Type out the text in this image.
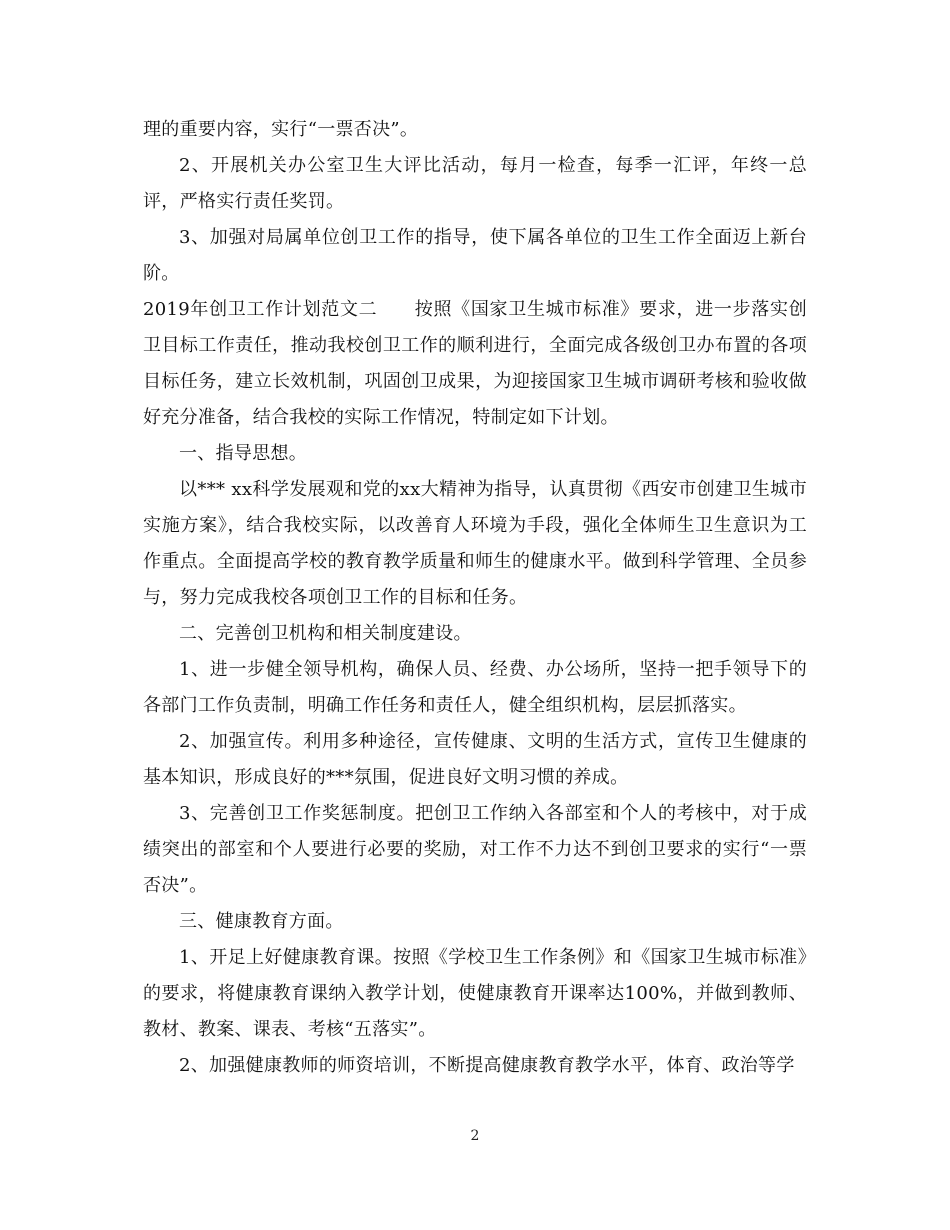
理的重要内容，实行“一票否决”。

2、开展机关办公室卫生大评比活动，每月一检查，每季一汇评，年终一总评，严格实行责任奖罚。

3、加强对局属单位创卫工作的指导，使下属各单位的卫生工作全面迈上新台阶。

2019年创卫工作计划范文二　　按照《国家卫生城市标准》要求，进一步落实创卫目标工作责任，推动我校创卫工作的顺利进行，全面完成各级创卫办布置的各项目标任务，建立长效机制，巩固创卫成果，为迎接国家卫生城市调研考核和验收做好充分准备，结合我校的实际工作情况，特制定如下计划。

一、指导思想。

以*** xx科学发展观和党的xx大精神为指导，认真贯彻《西安市创建卫生城市实施方案》，结合我校实际，以改善育人环境为手段，强化全体师生卫生意识为工作重点。全面提高学校的教育教学质量和师生的健康水平。做到科学管理、全员参与，努力完成我校各项创卫工作的目标和任务。

二、完善创卫机构和相关制度建设。

1、进一步健全领导机构，确保人员、经费、办公场所，坚持一把手领导下的各部门工作负责制，明确工作任务和责任人，健全组织机构，层层抓落实。

2、加强宣传。利用多种途径，宣传健康、文明的生活方式，宣传卫生健康的基本知识，形成良好的***氛围，促进良好文明习惯的养成。

3、完善创卫工作奖惩制度。把创卫工作纳入各部室和个人的考核中，对于成绩突出的部室和个人要进行必要的奖励，对工作不力达不到创卫要求的实行“一票否决”。

三、健康教育方面。

1、开足上好健康教育课。按照《学校卫生工作条例》和《国家卫生城市标准》的要求，将健康教育课纳入教学计划，使健康教育开课率达100%，并做到教师、教材、教案、课表、考核“五落实”。

2、加强健康教师的师资培训，不断提高健康教育教学水平，体育、政治等学

2
